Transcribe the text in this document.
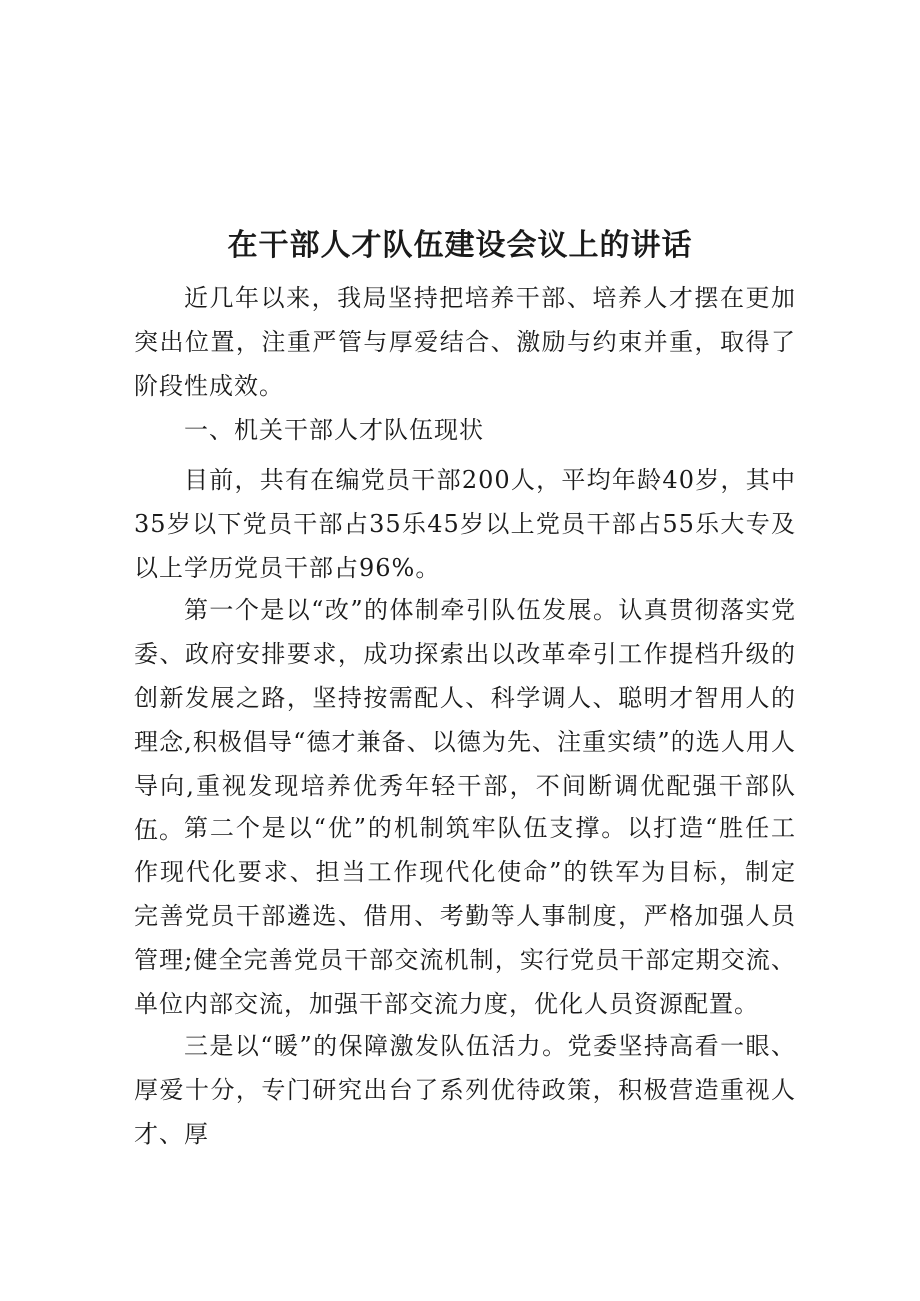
在干部人才队伍建设会议上的讲话

近几年以来，我局坚持把培养干部、培养人才摆在更加突出位置，注重严管与厚爱结合、激励与约束并重，取得了阶段性成效。

一、机关干部人才队伍现状

目前，共有在编党员干部200人，平均年龄40岁，其中35岁以下党员干部占35乐45岁以上党员干部占55乐大专及以上学历党员干部占96%。

第一个是以“改”的体制牵引队伍发展。认真贯彻落实党委、政府安排要求，成功探索出以改革牵引工作提档升级的创新发展之路，坚持按需配人、科学调人、聪明才智用人的理念,积极倡导“德才兼备、以德为先、注重实绩”的选人用人导向,重视发现培养优秀年轻干部，不间断调优配强干部队伍。 第二个是以“优”的机制筑牢队伍支撑。以打造“胜任工作现代化要求、担当工作现代化使命”的铁军为目标，制定完善党员干部遴选、借用、考勤等人事制度，严格加强人员管理;健全完善党员干部交流机制，实行党员干部定期交流、单位内部交流，加强干部交流力度，优化人员资源配置。

三是以“暖”的保障激发队伍活力。党委坚持高看一眼、厚爱十分，专门研究出台了系列优待政策，积极营造重视人才、厚
